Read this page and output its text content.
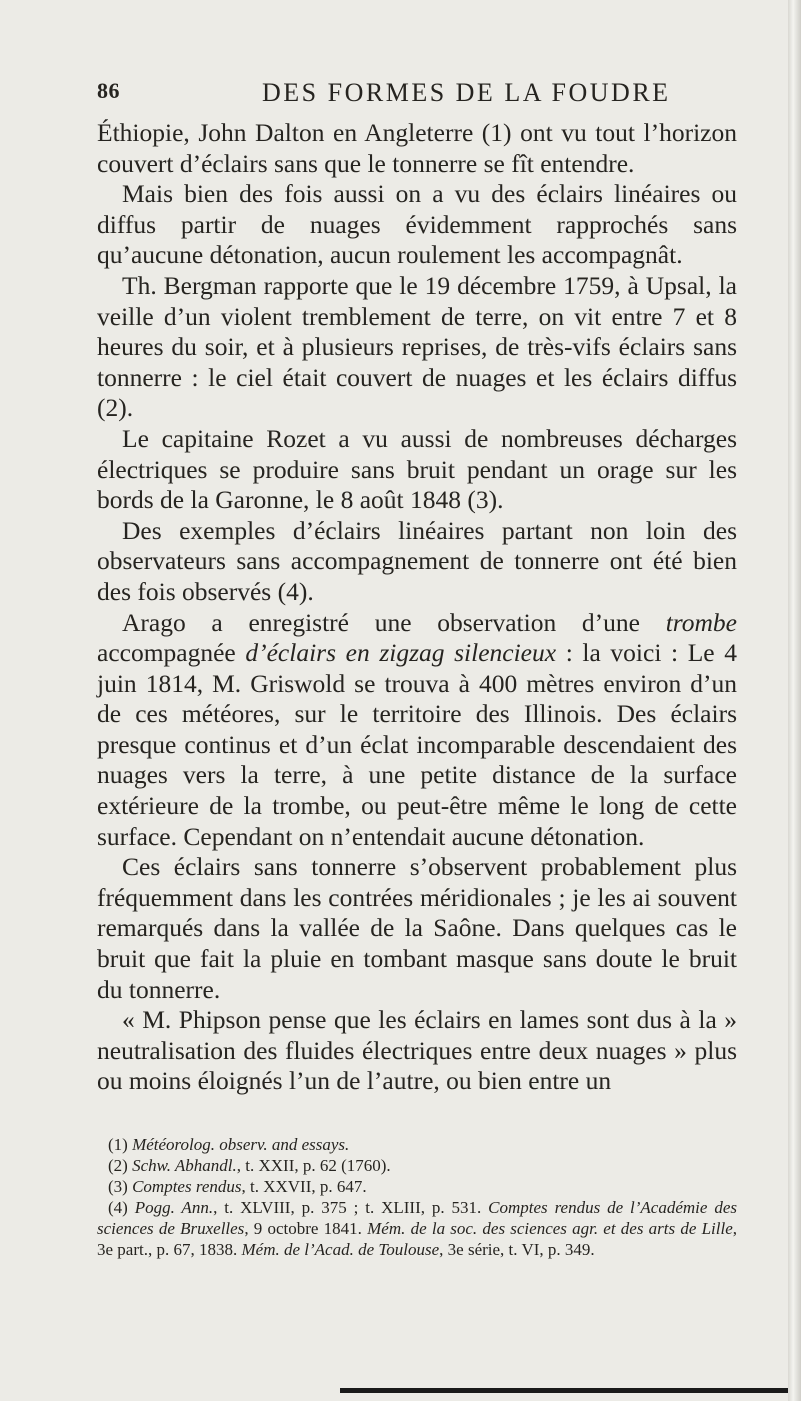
86	DES FORMES DE LA FOUDRE

Éthiopie, John Dalton en Angleterre (1) ont vu tout l’horizon couvert d’éclairs sans que le tonnerre se fît entendre.

Mais bien des fois aussi on a vu des éclairs linéaires ou diffus partir de nuages évidemment rapprochés sans qu’aucune détonation, aucun roulement les accompagnât.

Th. Bergman rapporte que le 19 décembre 1759, à Upsal, la veille d’un violent tremblement de terre, on vit entre 7 et 8 heures du soir, et à plusieurs reprises, de très-vifs éclairs sans tonnerre : le ciel était couvert de nuages et les éclairs diffus (2).

Le capitaine Rozet a vu aussi de nombreuses décharges électriques se produire sans bruit pendant un orage sur les bords de la Garonne, le 8 août 1848 (3).

Des exemples d’éclairs linéaires partant non loin des observateurs sans accompagnement de tonnerre ont été bien des fois observés (4).

Arago a enregistré une observation d’une trombe accompagnée d’éclairs en zigzag silencieux : la voici : Le 4 juin 1814, M. Griswold se trouva à 400 mètres environ d’un de ces météores, sur le territoire des Illinois. Des éclairs presque continus et d’un éclat incomparable descendaient des nuages vers la terre, à une petite distance de la surface extérieure de la trombe, ou peut-être même le long de cette surface. Cependant on n’entendait aucune détonation.

Ces éclairs sans tonnerre s’observent probablement plus fréquemment dans les contrées méridionales ; je les ai souvent remarqués dans la vallée de la Saône. Dans quelques cas le bruit que fait la pluie en tombant masque sans doute le bruit du tonnerre.

« M. Phipson pense que les éclairs en lames sont dus à la » neutralisation des fluides électriques entre deux nuages » plus ou moins éloignés l’un de l’autre, ou bien entre un

(1) Météorolog. observ. and essays.
(2) Schw. Abhandl., t. XXII, p. 62 (1760).
(3) Comptes rendus, t. XXVII, p. 647.
(4) Pogg. Ann., t. XLVIII, p. 375 ; t. XLIII, p. 531. Comptes rendus de l’Académie des sciences de Bruxelles, 9 octobre 1841. Mém. de la soc. des sciences agr. et des arts de Lille, 3e part., p. 67, 1838. Mém. de l’Acad. de Toulouse, 3e série, t. VI, p. 349.
